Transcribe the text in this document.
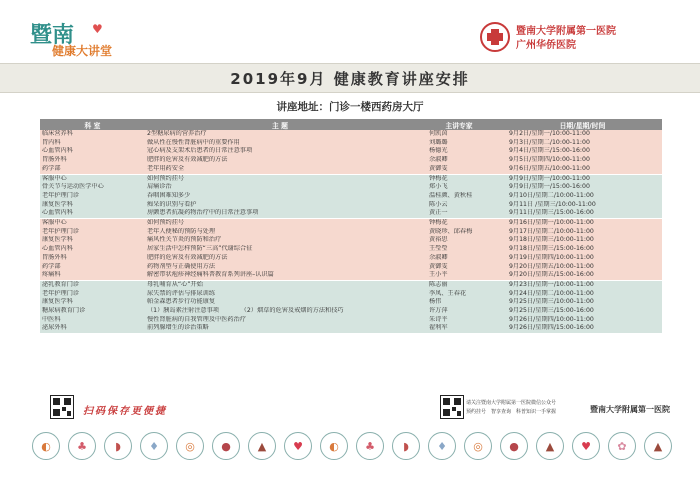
暨南 ♥
健康大讲堂
暨南大学附属第一医院
广州华侨医院
2019年9月 健康教育讲座安排
讲座地址：门诊一楼西药房大厅
科 室	主 题	主讲专家	日期/星期/时间
临床营养科	2型糖尿病的营养治疗	何凯茵	9月2日/星期一/10:00-11:00
胃内科	做从性在慢性肾脏病中的重要作用	刘璐璐	9月3日/星期二/10:00-11:00
心血管内科	冠心病及支架术后患者的日常注意事项	杨德光	9月4日/星期三/15:00-16:00
胃肠外科	肥胖的危害及有效减肥的方法	余淑卿	9月5日/星期四/10:00-11:00
药学部	老年用药安全	黄御雯	9月6日/星期五/10:00-11:00
客服中心	如何预约挂号	钟梅花	9月9日/星期一/10:00-11:00
骨关节与运动医学中心	肩痛诊治	郑小飞	9月9日/星期一/15:00-16:00
老年护理门诊	吞咽困难知多少	温桂颜、黄秋桂	9月10日/星期二/10:00-11:00
康复医学科	痴呆的识别与看护	陈小云	9月11日 /星期三/10:00-11:00
心血管内科	房颤患者抗凝药物治疗中的日常注意事项	黄正一	9月11日/星期三/15:00-16:00
客服中心	如何预约挂号	钟梅花	9月16日/星期一/10:00-11:00
老年护理门诊	老年人便秘的预防与处理	黄晓珍、邱春梅	9月17日/星期二/10:00-11:00
康复医学科	痛风性关节炎的预防和治疗	黄裕思	9月18日/星期三/10:00-11:00
心血管内科	居家生活中怎样预防“三高”代谢综合征	王瑩瑩	9月18日/星期三/15:00-16:00
胃肠外科	肥胖的危害及有效减肥的方法	余淑卿	9月19日/星期四/10:00-11:00
药学部	药物剂型与正确使用方法	黄御雯	9月20日/星期五/10:00-11:00
疼痛科	解密带状疱疹神经痛科普教育系列讲座–认识篇	王小平	9月20日/星期五/15:00-16:00
泌乳教育门诊	母乳哺育从“心”开始	陈志丽	9月23日/星期一/10:00-11:00
老年护理门诊	尿失禁的评估与排尿训练	李凤、王春花	9月24日/星期二/10:00-11:00
康复医学科	帕金森患者步行功能康复	杨伟	9月25日/星期三/10:00-11:00
糖尿病教育门诊	（1）胰岛素注射注意事项　　　　（2）烟草的危害及戒烟的方法和技巧	许万萍	9月25日/星期三/15:00-16:00
中医科	慢性肾脏病的自我管理及中医药治疗	朱诗平	9月26日/星期四/10:00-11:00
泌尿外科	前列腺增生的诊治策略	翟利军	9月26日/星期四/15:00-16:00
扫码保存更便捷
请关注暨南大学附属第一医院微信公众号
预约挂号　智享查询　科普知识一手掌握	暨南大学附属第一医院
◐	♣	◗	♦	◎	●	▲	♥	◐	♣	◗	♦	◎	●	▲	♥	✿	▲
